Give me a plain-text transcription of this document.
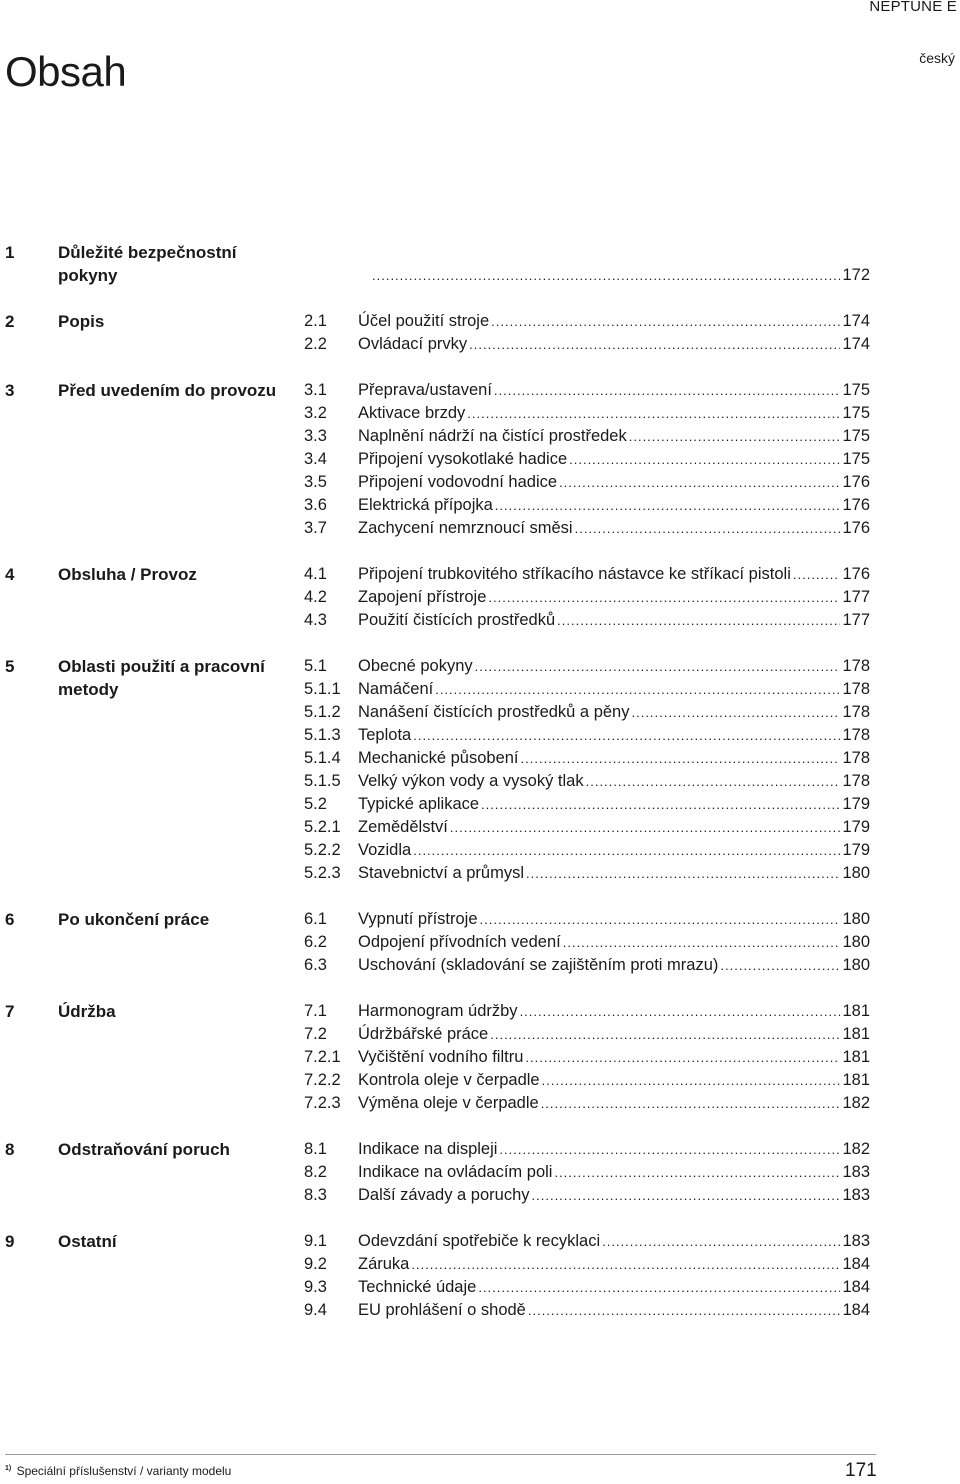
NEPTUNE E
Obsah	český
1	Důležité bezpečnostní pokyny .....	172
2	Popis	2.1	Účel použití stroje .....	174
2.2	Ovládací prvky .....	174
3	Před uvedením do provozu	3.1	Přeprava/ustavení .....	175
3.2	Aktivace brzdy .....	175
3.3	Naplnění nádrží na čistící prostředek .....	175
3.4	Připojení vysokotlaké hadice .....	175
3.5	Připojení vodovodní hadice .....	176
3.6	Elektrická přípojka .....	176
3.7	Zachycení nemrznoucí směsi .....	176
4	Obsluha / Provoz	4.1	Připojení trubkovitého stříkacího nástavce ke stříkací pistoli .....	176
4.2	Zapojení přístroje .....	177
4.3	Použití čistících prostředků .....	177
5	Oblasti použití a pracovní metody
5.1	Obecné pokyny .....	178
5.1.1	Namáčení .....	178
5.1.2	Nanášení čistících prostředků a pěny .....	178
5.1.3	Teplota .....	178
5.1.4	Mechanické působení .....	178
5.1.5	Velký výkon vody a vysoký tlak .....	178
5.2	Typické aplikace .....	179
5.2.1	Zemědělství .....	179
5.2.2	Vozidla .....	179
5.2.3	Stavebnictví a průmysl .....	180
6	Po ukončení práce	6.1	Vypnutí přístroje .....	180
6.2	Odpojení přívodních vedení .....	180
6.3	Uschování (skladování se zajištěním proti mrazu) .....	180
7	Údržba	7.1	Harmonogram údržby .....	181
7.2	Údržbářské práce .....	181
7.2.1	Vyčištění vodního filtru .....	181
7.2.2	Kontrola oleje v čerpadle .....	181
7.2.3	Výměna oleje v čerpadle .....	182
8	Odstraňování poruch	8.1	Indikace na displeji .....	182
8.2	Indikace na ovládacím poli .....	183
8.3	Další závady a poruchy .....	183
9	Ostatní	9.1	Odevzdání spotřebiče k recyklaci .....	183
9.2	Záruka .....	184
9.3	Technické údaje .....	184
9.4	EU prohlášení o shodě .....	184
$^{1)}$ Speciální příslušenství / varianty modelu	171
